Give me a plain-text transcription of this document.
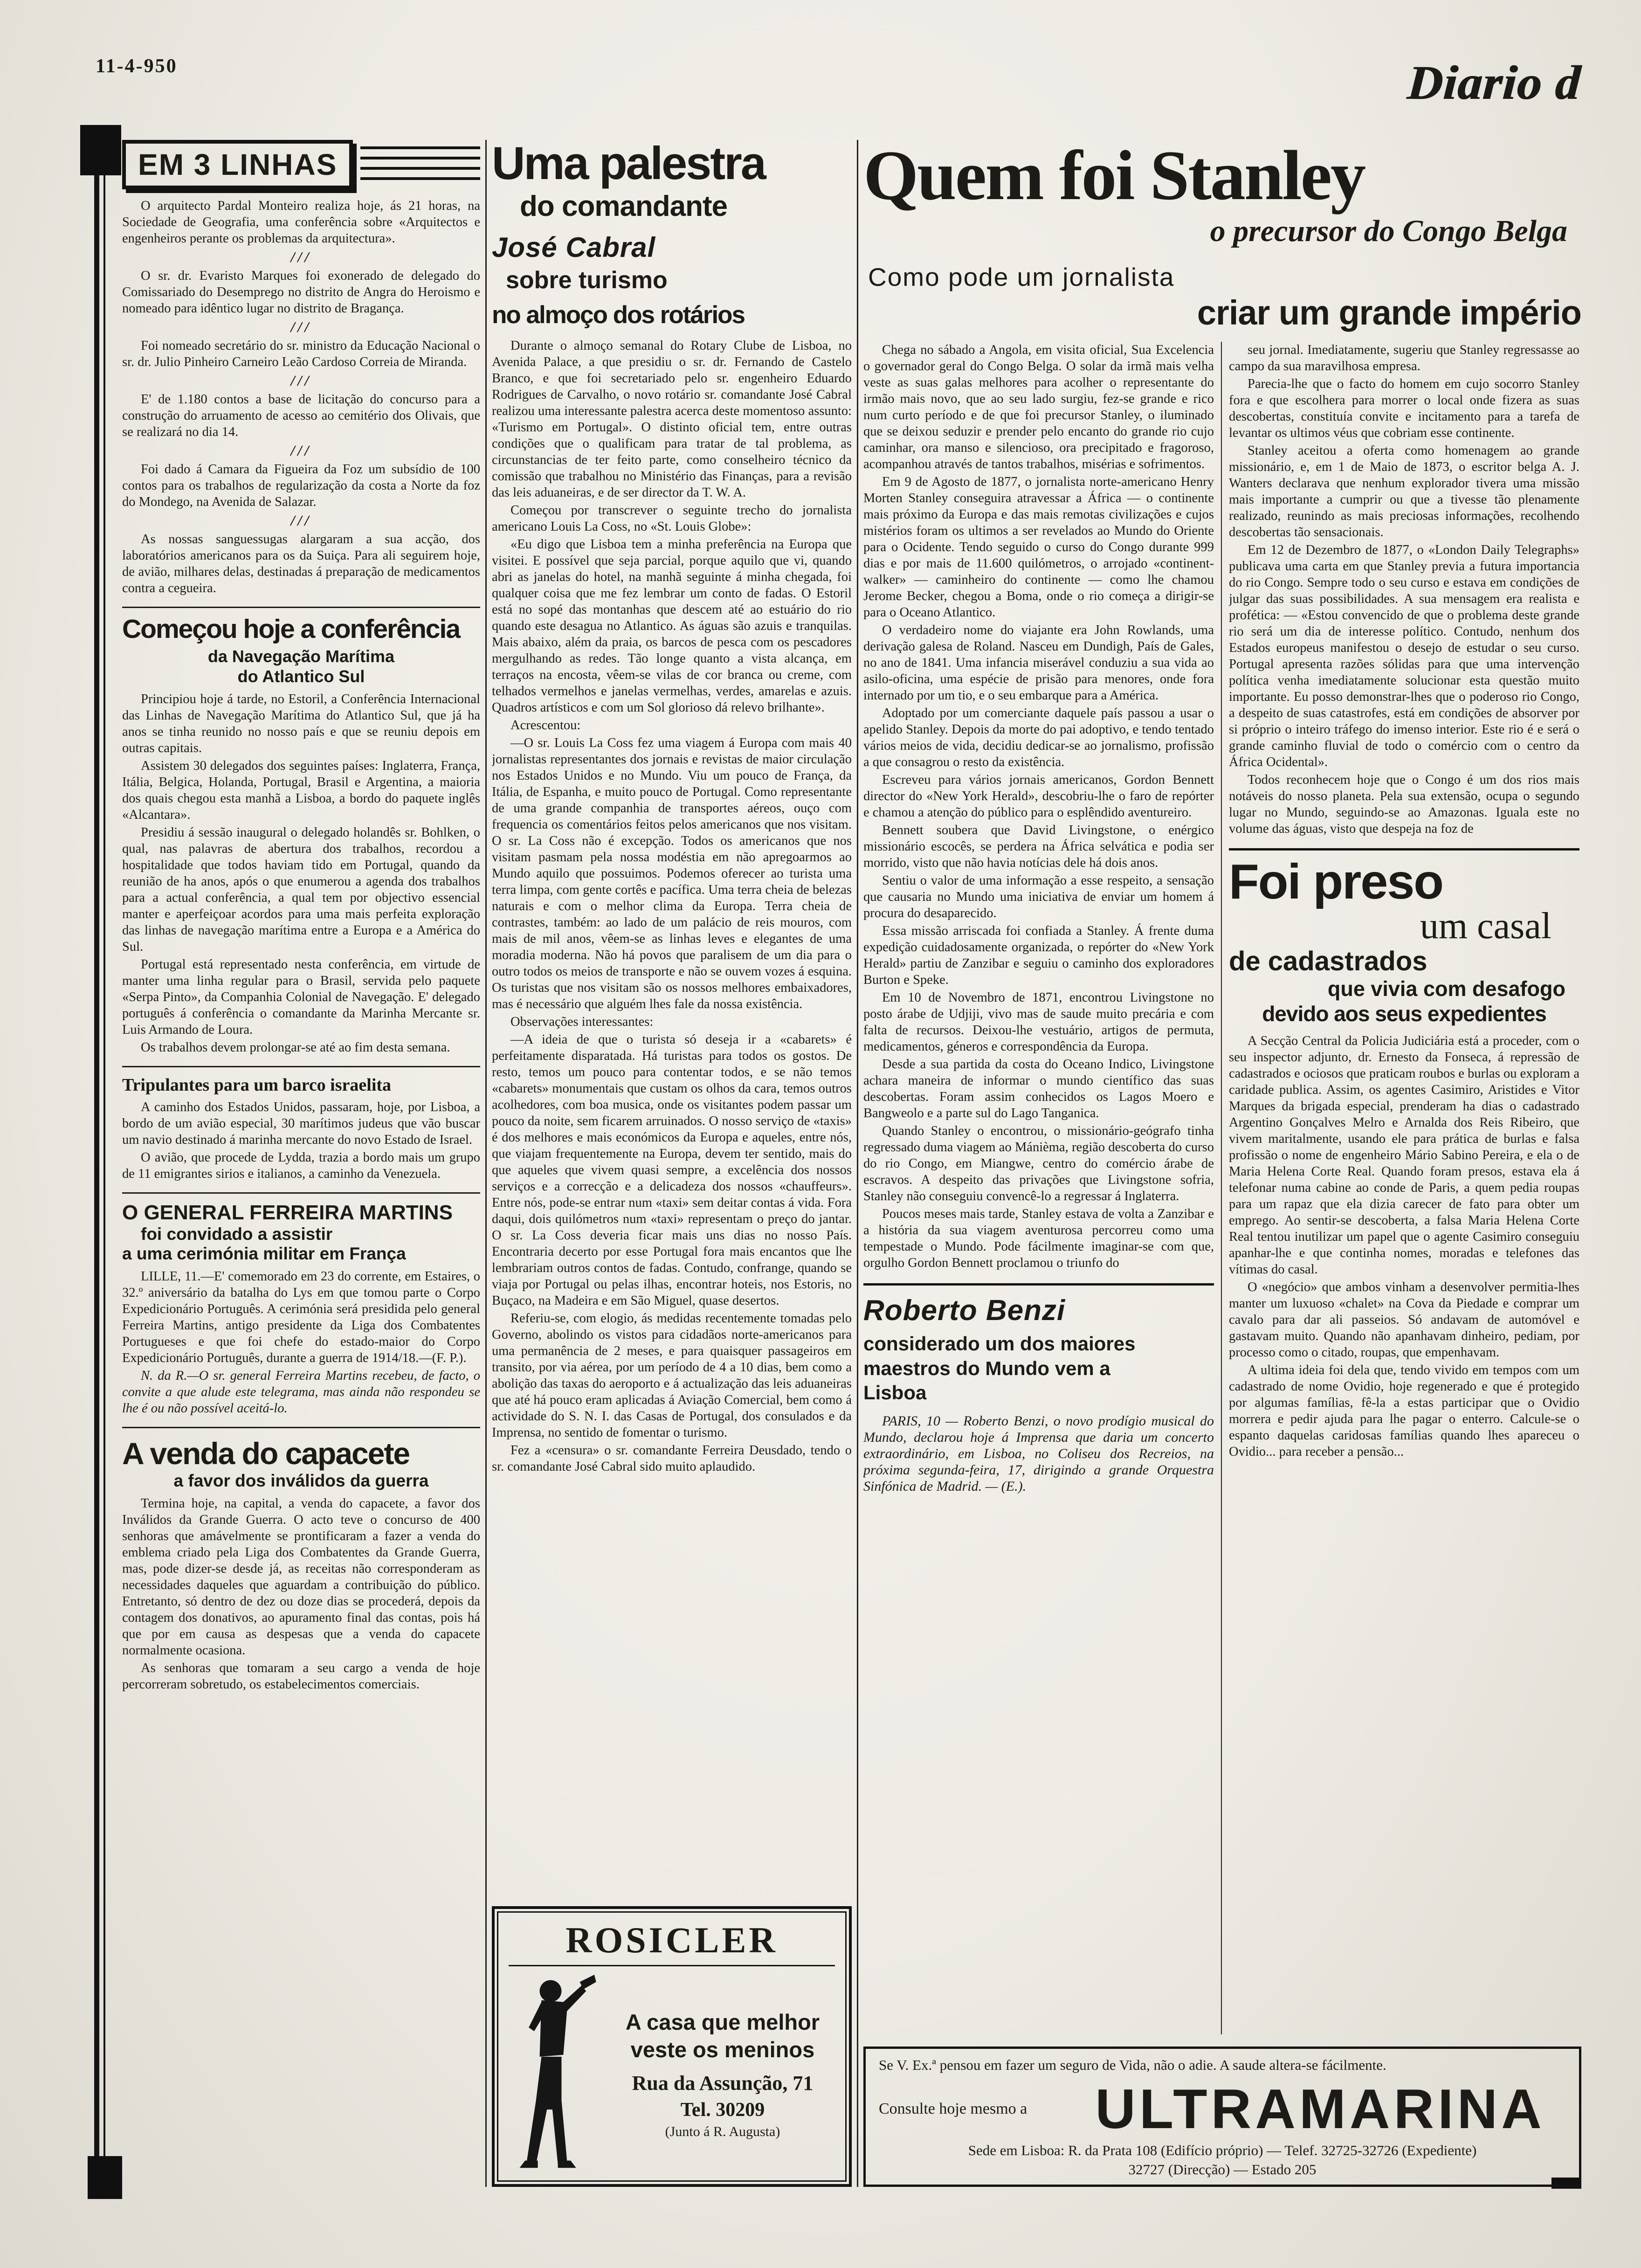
11-4-950	Diario d
EM 3 LINHAS

O arquitecto Pardal Monteiro realiza hoje, ás 21 horas, na Sociedade de Geografia, uma conferência sobre «Arquitectos e engenheiros perante os problemas da arquitectura».

///

O sr. dr. Evaristo Marques foi exonerado de delegado do Comissariado do Desemprego no distrito de Angra do Heroismo e nomeado para idêntico lugar no distrito de Bragança.

///

Foi nomeado secretário do sr. ministro da Educação Nacional o sr. dr. Julio Pinheiro Carneiro Leão Cardoso Correia de Miranda.

///

E' de 1.180 contos a base de licitação do concurso para a construção do arruamento de acesso ao cemitério dos Olivais, que se realizará no dia 14.

///

Foi dado á Camara da Figueira da Foz um subsídio de 100 contos para os trabalhos de regularização da costa a Norte da foz do Mondego, na Avenida de Salazar.

///

As nossas sanguessugas alargaram a sua acção, dos laboratórios americanos para os da Suiça. Para ali seguirem hoje, de avião, milhares delas, destinadas á preparação de medicamentos contra a cegueira.

Começou hoje a conferência
da Navegação Marítima
do Atlantico Sul

Principiou hoje á tarde, no Estoril, a Conferência Internacional das Linhas de Navegação Marítima do Atlantico Sul, que já ha anos se tinha reunido no nosso país e que se reuniu depois em outras capitais.

Assistem 30 delegados dos seguintes países: Inglaterra, França, Itália, Belgica, Holanda, Portugal, Brasil e Argentina, a maioria dos quais chegou esta manhã a Lisboa, a bordo do paquete inglês «Alcantara».

Presidiu á sessão inaugural o delegado holandês sr. Bohlken, o qual, nas palavras de abertura dos trabalhos, recordou a hospitalidade que todos haviam tido em Portugal, quando da reunião de ha anos, após o que enumerou a agenda dos trabalhos para a actual conferência, a qual tem por objectivo essencial manter e aperfeiçoar acordos para uma mais perfeita exploração das linhas de navegação marítima entre a Europa e a América do Sul.

Portugal está representado nesta conferência, em virtude de manter uma linha regular para o Brasil, servida pelo paquete «Serpa Pinto», da Companhia Colonial de Navegação. E' delegado português á conferência o comandante da Marinha Mercante sr. Luis Armando de Loura.

Os trabalhos devem prolongar-se até ao fim desta semana.

Tripulantes para um barco israelita

A caminho dos Estados Unidos, passaram, hoje, por Lisboa, a bordo de um avião especial, 30 marítimos judeus que vão buscar um navio destinado á marinha mercante do novo Estado de Israel.

O avião, que procede de Lydda, trazia a bordo mais um grupo de 11 emigrantes sirios e italianos, a caminho da Venezuela.

O GENERAL FERREIRA MARTINS
foi convidado a assistir
a uma cerimónia militar em França

LILLE, 11.—E' comemorado em 23 do corrente, em Estaires, o 32.º aniversário da batalha do Lys em que tomou parte o Corpo Expedicionário Português. A cerimónia será presidida pelo general Ferreira Martins, antigo presidente da Liga dos Combatentes Portugueses e que foi chefe do estado-maior do Corpo Expedicionário Português, durante a guerra de 1914/18.—(F. P.).

N. da R.—O sr. general Ferreira Martins recebeu, de facto, o convite a que alude este telegrama, mas ainda não respondeu se lhe é ou não possível aceitá-lo.

A venda do capacete
a favor dos inválidos da guerra

Termina hoje, na capital, a venda do capacete, a favor dos Inválidos da Grande Guerra. O acto teve o concurso de 400 senhoras que amávelmente se prontificaram a fazer a venda do emblema criado pela Liga dos Combatentes da Grande Guerra, mas, pode dizer-se desde já, as receitas não corresponderam as necessidades daqueles que aguardam a contribuição do público. Entretanto, só dentro de dez ou doze dias se procederá, depois da contagem dos donativos, ao apuramento final das contas, pois há que por em causa as despesas que a venda do capacete normalmente ocasiona.

As senhoras que tomaram a seu cargo a venda de hoje percorreram sobretudo, os estabelecimentos comerciais.

Uma palestra
do comandante
José Cabral
sobre turismo
no almoço dos rotários

Durante o almoço semanal do Rotary Clube de Lisboa, no Avenida Palace, a que presidiu o sr. dr. Fernando de Castelo Branco, e que foi secretariado pelo sr. engenheiro Eduardo Rodrigues de Carvalho, o novo rotário sr. comandante José Cabral realizou uma interessante palestra acerca deste momentoso assunto: «Turismo em Portugal». O distinto oficial tem, entre outras condições que o qualificam para tratar de tal problema, as circunstancias de ter feito parte, como conselheiro técnico da comissão que trabalhou no Ministério das Finanças, para a revisão das leis aduaneiras, e de ser director da T. W. A.

Começou por transcrever o seguinte trecho do jornalista americano Louis La Coss, no «St. Louis Globe»:

«Eu digo que Lisboa tem a minha preferência na Europa que visitei. E possível que seja parcial, porque aquilo que vi, quando abri as janelas do hotel, na manhã seguinte á minha chegada, foi qualquer coisa que me fez lembrar um conto de fadas. O Estoril está no sopé das montanhas que descem até ao estuário do rio quando este desagua no Atlantico. As águas são azuis e tranquilas. Mais abaixo, além da praia, os barcos de pesca com os pescadores mergulhando as redes. Tão longe quanto a vista alcança, em terraços na encosta, vêem-se vilas de cor branca ou creme, com telhados vermelhos e janelas vermelhas, verdes, amarelas e azuis. Quadros artísticos e com um Sol glorioso dá relevo brilhante».

Acrescentou:

—O sr. Louis La Coss fez uma viagem á Europa com mais 40 jornalistas representantes dos jornais e revistas de maior circulação nos Estados Unidos e no Mundo. Viu um pouco de França, da Itália, de Espanha, e muito pouco de Portugal. Como representante de uma grande companhia de transportes aéreos, ouço com frequencia os comentários feitos pelos americanos que nos visitam. O sr. La Coss não é excepção. Todos os americanos que nos visitam pasmam pela nossa modéstia em não apregoarmos ao Mundo aquilo que possuimos. Podemos oferecer ao turista uma terra limpa, com gente cortês e pacífica. Uma terra cheia de belezas naturais e com o melhor clima da Europa. Terra cheia de contrastes, também: ao lado de um palácio de reis mouros, com mais de mil anos, vêem-se as linhas leves e elegantes de uma moradia moderna. Não há povos que paralisem de um dia para o outro todos os meios de transporte e não se ouvem vozes á esquina. Os turistas que nos visitam são os nossos melhores embaixadores, mas é necessário que alguém lhes fale da nossa existência.

Observações interessantes:

—A ideia de que o turista só deseja ir a «cabarets» é perfeitamente disparatada. Há turistas para todos os gostos. De resto, temos um pouco para contentar todos, e se não temos «cabarets» monumentais que custam os olhos da cara, temos outros acolhedores, com boa musica, onde os visitantes podem passar um pouco da noite, sem ficarem arruinados. O nosso serviço de «taxis» é dos melhores e mais económicos da Europa e aqueles, entre nós, que viajam frequentemente na Europa, devem ter sentido, mais do que aqueles que vivem quasi sempre, a excelência dos nossos serviços e a correcção e a delicadeza dos nossos «chauffeurs». Entre nós, pode-se entrar num «taxi» sem deitar contas á vida. Fora daqui, dois quilómetros num «taxi» representam o preço do jantar. O sr. La Coss deveria ficar mais uns dias no nosso País. Encontraria decerto por esse Portugal fora mais encantos que lhe lembrariam outros contos de fadas. Contudo, confrange, quando se viaja por Portugal ou pelas ilhas, encontrar hoteis, nos Estoris, no Buçaco, na Madeira e em São Miguel, quase desertos.

Referiu-se, com elogio, ás medidas recentemente tomadas pelo Governo, abolindo os vistos para cidadãos norte-americanos para uma permanência de 2 meses, e para quaisquer passageiros em transito, por via aérea, por um período de 4 a 10 dias, bem como a abolição das taxas do aeroporto e á actualização das leis aduaneiras que até há pouco eram aplicadas á Aviação Comercial, bem como á actividade do S. N. I. das Casas de Portugal, dos consulados e da Imprensa, no sentido de fomentar o turismo.

Fez a «censura» o sr. comandante Ferreira Deusdado, tendo o sr. comandante José Cabral sido muito aplaudido.

ROSICLER
A casa que melhor veste os meninos
Rua da Assunção, 71
Tel. 30209
(Junto á R. Augusta)
Quem foi Stanley
o precursor do Congo Belga
Como pode um jornalista
criar um grande império

Chega no sábado a Angola, em visita oficial, Sua Excelencia o governador geral do Congo Belga. O solar da irmã mais velha veste as suas galas melhores para acolher o representante do irmão mais novo, que ao seu lado surgiu, fez-se grande e rico num curto período e de que foi precursor Stanley, o iluminado que se deixou seduzir e prender pelo encanto do grande rio cujo caminhar, ora manso e silencioso, ora precipitado e fragoroso, acompanhou através de tantos trabalhos, misérias e sofrimentos.

Em 9 de Agosto de 1877, o jornalista norte-americano Henry Morten Stanley conseguira atravessar a África — o continente mais próximo da Europa e das mais remotas civilizações e cujos mistérios foram os ultimos a ser revelados ao Mundo do Oriente para o Ocidente. Tendo seguido o curso do Congo durante 999 dias e por mais de 11.600 quilómetros, o arrojado «continent-walker» — caminheiro do continente — como lhe chamou Jerome Becker, chegou a Boma, onde o rio começa a dirigir-se para o Oceano Atlantico.

O verdadeiro nome do viajante era John Rowlands, uma derivação galesa de Roland. Nasceu em Dundigh, País de Gales, no ano de 1841. Uma infancia miserável conduziu a sua vida ao asilo-oficina, uma espécie de prisão para menores, onde fora internado por um tio, e o seu embarque para a América.

Adoptado por um comerciante daquele país passou a usar o apelido Stanley. Depois da morte do pai adoptivo, e tendo tentado vários meios de vida, decidiu dedicar-se ao jornalismo, profissão a que consagrou o resto da existência.

Escreveu para vários jornais americanos, Gordon Bennett director do «New York Herald», descobriu-lhe o faro de repórter e chamou a atenção do público para o esplêndido aventureiro.

Bennett soubera que David Livingstone, o enérgico missionário escocês, se perdera na África selvática e podia ser morrido, visto que não havia notícias dele há dois anos.

Sentiu o valor de uma informação a esse respeito, a sensação que causaria no Mundo uma iniciativa de enviar um homem á procura do desaparecido.

Essa missão arriscada foi confiada a Stanley. Á frente duma expedição cuidadosamente organizada, o repórter do «New York Herald» partiu de Zanzibar e seguiu o caminho dos exploradores Burton e Speke.

Em 10 de Novembro de 1871, encontrou Livingstone no posto árabe de Udjiji, vivo mas de saude muito precária e com falta de recursos. Deixou-lhe vestuário, artigos de permuta, medicamentos, géneros e correspondência da Europa.

Desde a sua partida da costa do Oceano Indico, Livingstone achara maneira de informar o mundo científico das suas descobertas. Foram assim conhecidos os Lagos Moero e Bangweolo e a parte sul do Lago Tanganica.

Quando Stanley o encontrou, o missionário-geógrafo tinha regressado duma viagem ao Mánièma, região descoberta do curso do rio Congo, em Miangwe, centro do comércio árabe de escravos. A despeito das privações que Livingstone sofria, Stanley não conseguiu convencê-lo a regressar á Inglaterra.

Poucos meses mais tarde, Stanley estava de volta a Zanzibar e a história da sua viagem aventurosa percorreu como uma tempestade o Mundo. Pode fácilmente imaginar-se com que, orgulho Gordon Bennett proclamou o triunfo do

Roberto Benzi
considerado um dos maiores maestros do Mundo vem a Lisboa

PARIS, 10 — Roberto Benzi, o novo prodígio musical do Mundo, declarou hoje á Imprensa que daria um concerto extraordinário, em Lisboa, no Coliseu dos Recreios, na próxima segunda-feira, 17, dirigindo a grande Orquestra Sinfónica de Madrid. — (E.).

seu jornal. Imediatamente, sugeriu que Stanley regressasse ao campo da sua maravilhosa empresa.

Parecia-lhe que o facto do homem em cujo socorro Stanley fora e que escolhera para morrer o local onde fizera as suas descobertas, constituía convite e incitamento para a tarefa de levantar os ultimos véus que cobriam esse continente.

Stanley aceitou a oferta como homenagem ao grande missionário, e, em 1 de Maio de 1873, o escritor belga A. J. Wanters declarava que nenhum explorador tivera uma missão mais importante a cumprir ou que a tivesse tão plenamente realizado, reunindo as mais preciosas informações, recolhendo descobertas tão sensacionais.

Em 12 de Dezembro de 1877, o «London Daily Telegraphs» publicava uma carta em que Stanley previa a futura importancia do rio Congo. Sempre todo o seu curso e estava em condições de julgar das suas possibilidades. A sua mensagem era realista e profética: — «Estou convencido de que o problema deste grande rio será um dia de interesse político. Contudo, nenhum dos Estados europeus manifestou o desejo de estudar o seu curso. Portugal apresenta razões sólidas para que uma intervenção política venha imediatamente solucionar esta questão muito importante. Eu posso demonstrar-lhes que o poderoso rio Congo, a despeito de suas catastrofes, está em condições de absorver por si próprio o inteiro tráfego do imenso interior. Este rio é e será o grande caminho fluvial de todo o comércio com o centro da África Ocidental».

Todos reconhecem hoje que o Congo é um dos rios mais notáveis do nosso planeta. Pela sua extensão, ocupa o segundo lugar no Mundo, seguindo-se ao Amazonas. Iguala este no volume das águas, visto que despeja na foz de

Foi preso
um casal
de cadastrados
que vivia com desafogo
devido aos seus expedientes

A Secção Central da Policia Judiciária está a proceder, com o seu inspector adjunto, dr. Ernesto da Fonseca, á repressão de cadastrados e ociosos que praticam roubos e burlas ou exploram a caridade publica. Assim, os agentes Casimiro, Aristides e Vitor Marques da brigada especial, prenderam ha dias o cadastrado Argentino Gonçalves Melro e Arnalda dos Reis Ribeiro, que vivem maritalmente, usando ele para prática de burlas e falsa profissão o nome de engenheiro Mário Sabino Pereira, e ela o de Maria Helena Corte Real. Quando foram presos, estava ela á telefonar numa cabine ao conde de Paris, a quem pedia roupas para um rapaz que ela dizia carecer de fato para obter um emprego. Ao sentir-se descoberta, a falsa Maria Helena Corte Real tentou inutilizar um papel que o agente Casimiro conseguiu apanhar-lhe e que continha nomes, moradas e telefones das vítimas do casal.

O «negócio» que ambos vinham a desenvolver permitia-lhes manter um luxuoso «chalet» na Cova da Piedade e comprar um cavalo para dar ali passeios. Só andavam de automóvel e gastavam muito. Quando não apanhavam dinheiro, pediam, por processo como o citado, roupas, que empenhavam.

A ultima ideia foi dela que, tendo vivido em tempos com um cadastrado de nome Ovidio, hoje regenerado e que é protegido por algumas famílias, fê-la a estas participar que o Ovidio morrera e pedir ajuda para lhe pagar o enterro. Calcule-se o espanto daquelas caridosas famílias quando lhes apareceu o Ovidio... para receber a pensão...

Se V. Ex.ª pensou em fazer um seguro de Vida, não o adie. A saude altera-se fácilmente.
Consulte hoje mesmo a	ULTRAMARINA
Sede em Lisboa: R. da Prata 108 (Edifício próprio) — Telef. 32725-32726 (Expediente)
32727 (Direcção) — Estado 205
